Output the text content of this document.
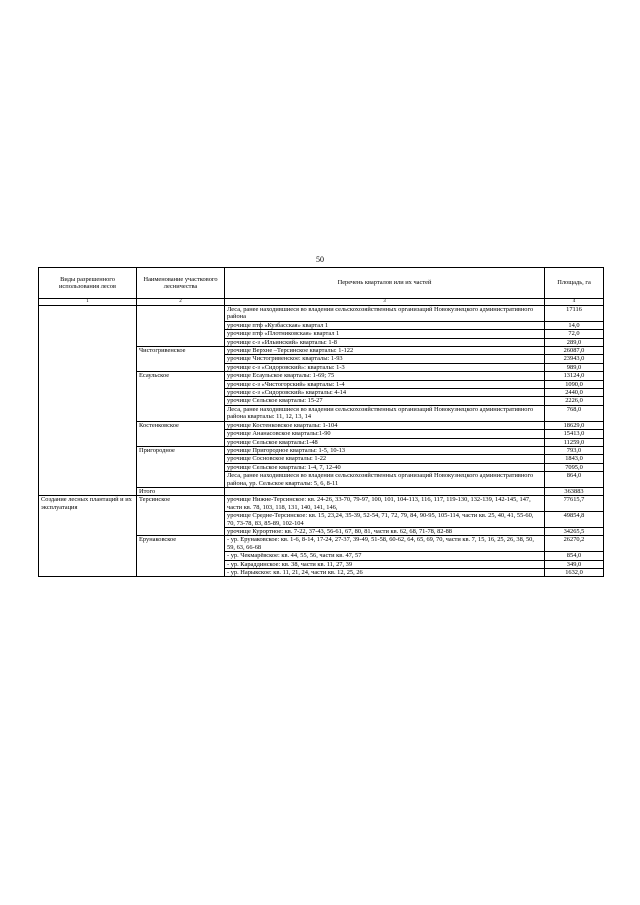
50
Виды разрешенного использования лесов	Наименование участкового лесничества	Перечень кварталов или их частей	Площадь, га
1	2	3	4
		Леса, ранее находившиеся во владении сельскохозяйственных организаций Новокузнецкого административного района	17116
		урочище птф «Кузбасская» квартал 1	14,0
		урочище птф «Плотниковская» квартал 1	72,0
		урочище с-з «Ильинский» кварталы: 1-8	289,0
	Чистогривенское	урочище Верхне –Терсинское кварталы: 1-122	26087,0
		урочище Чистогривенское: кварталы: 1-93	23943,0
		урочище с-з «Сидоровский»: кварталы: 1-3	989,0
	Есаульское	урочище Есаульское кварталы: 1-69; 75	13124,0
		урочище с-з «Чистогорский» кварталы: 1-4	1090,0
		урочище с-з «Сидоровский» кварталы: 4-14	2440,0
		урочище Сельское кварталы: 15-27	2226,0
		Леса, ранее находившиеся во владении сельскохозяйственных организаций Новокузнецкого административного района кварталы: 11, 12, 13, 14	768,0
	Костенковское	урочище Костенковское кварталы: 1-104	18629,0
		урочище Ананасовское кварталы:1-90	15413,0
		урочище Сельское кварталы:1-48	11259,0
	Пригородное	урочище Пригородное кварталы: 1-5, 10-13	793,0
		урочище Сосновское кварталы: 1-22	1843,0
		урочище Сельское кварталы: 1-4, 7, 12-40	7095,0
		Леса, ранее находившиеся во владении сельскохозяйственных организаций Новокузнецкого административного района, ур. Сельское кварталы: 5, 6, 8-11	864,0
	Итого		363883
Создание лесных плантаций и их эксплуатация	Терсинское	урочище Нижне-Терсинское: кв. 24-26, 33-70, 79-97, 100, 101, 104-113, 116, 117, 119-130, 132-139, 142-145, 147, части кв. 78, 103, 118, 131, 140, 141, 146,	77615,7
		урочище Средне-Терсинское: кв. 15, 23,24, 35-39, 52-54, 71, 72, 79, 84, 90-95, 105-114, части кв. 25, 40, 41, 55-60, 70, 73-78, 83, 85-89, 102-104	49854,8
		урочище Курортное: кв. 7-22, 37-43, 56-61, 67, 80, 81, части кв. 62, 68, 71-78, 82-88	34265,5
	Ерунаковское	- ур. Ерунаковское: кв. 1-6, 8-14, 17-24, 27-37, 39-49, 51-58, 60-62, 64, 65, 69, 70, части кв. 7, 15, 16, 25, 26, 38, 50, 59, 63, 66-68	26270,2
		- ур. Чекмарёвское: кв. 44, 55, 56, части кв. 47, 57	854,0
		- ур. Караддинское: кв. 38, части кв. 11, 27, 39	349,0
		- ур. Нарыкское: кв. 11, 21, 24, части кв. 12, 25, 26	1632,0
